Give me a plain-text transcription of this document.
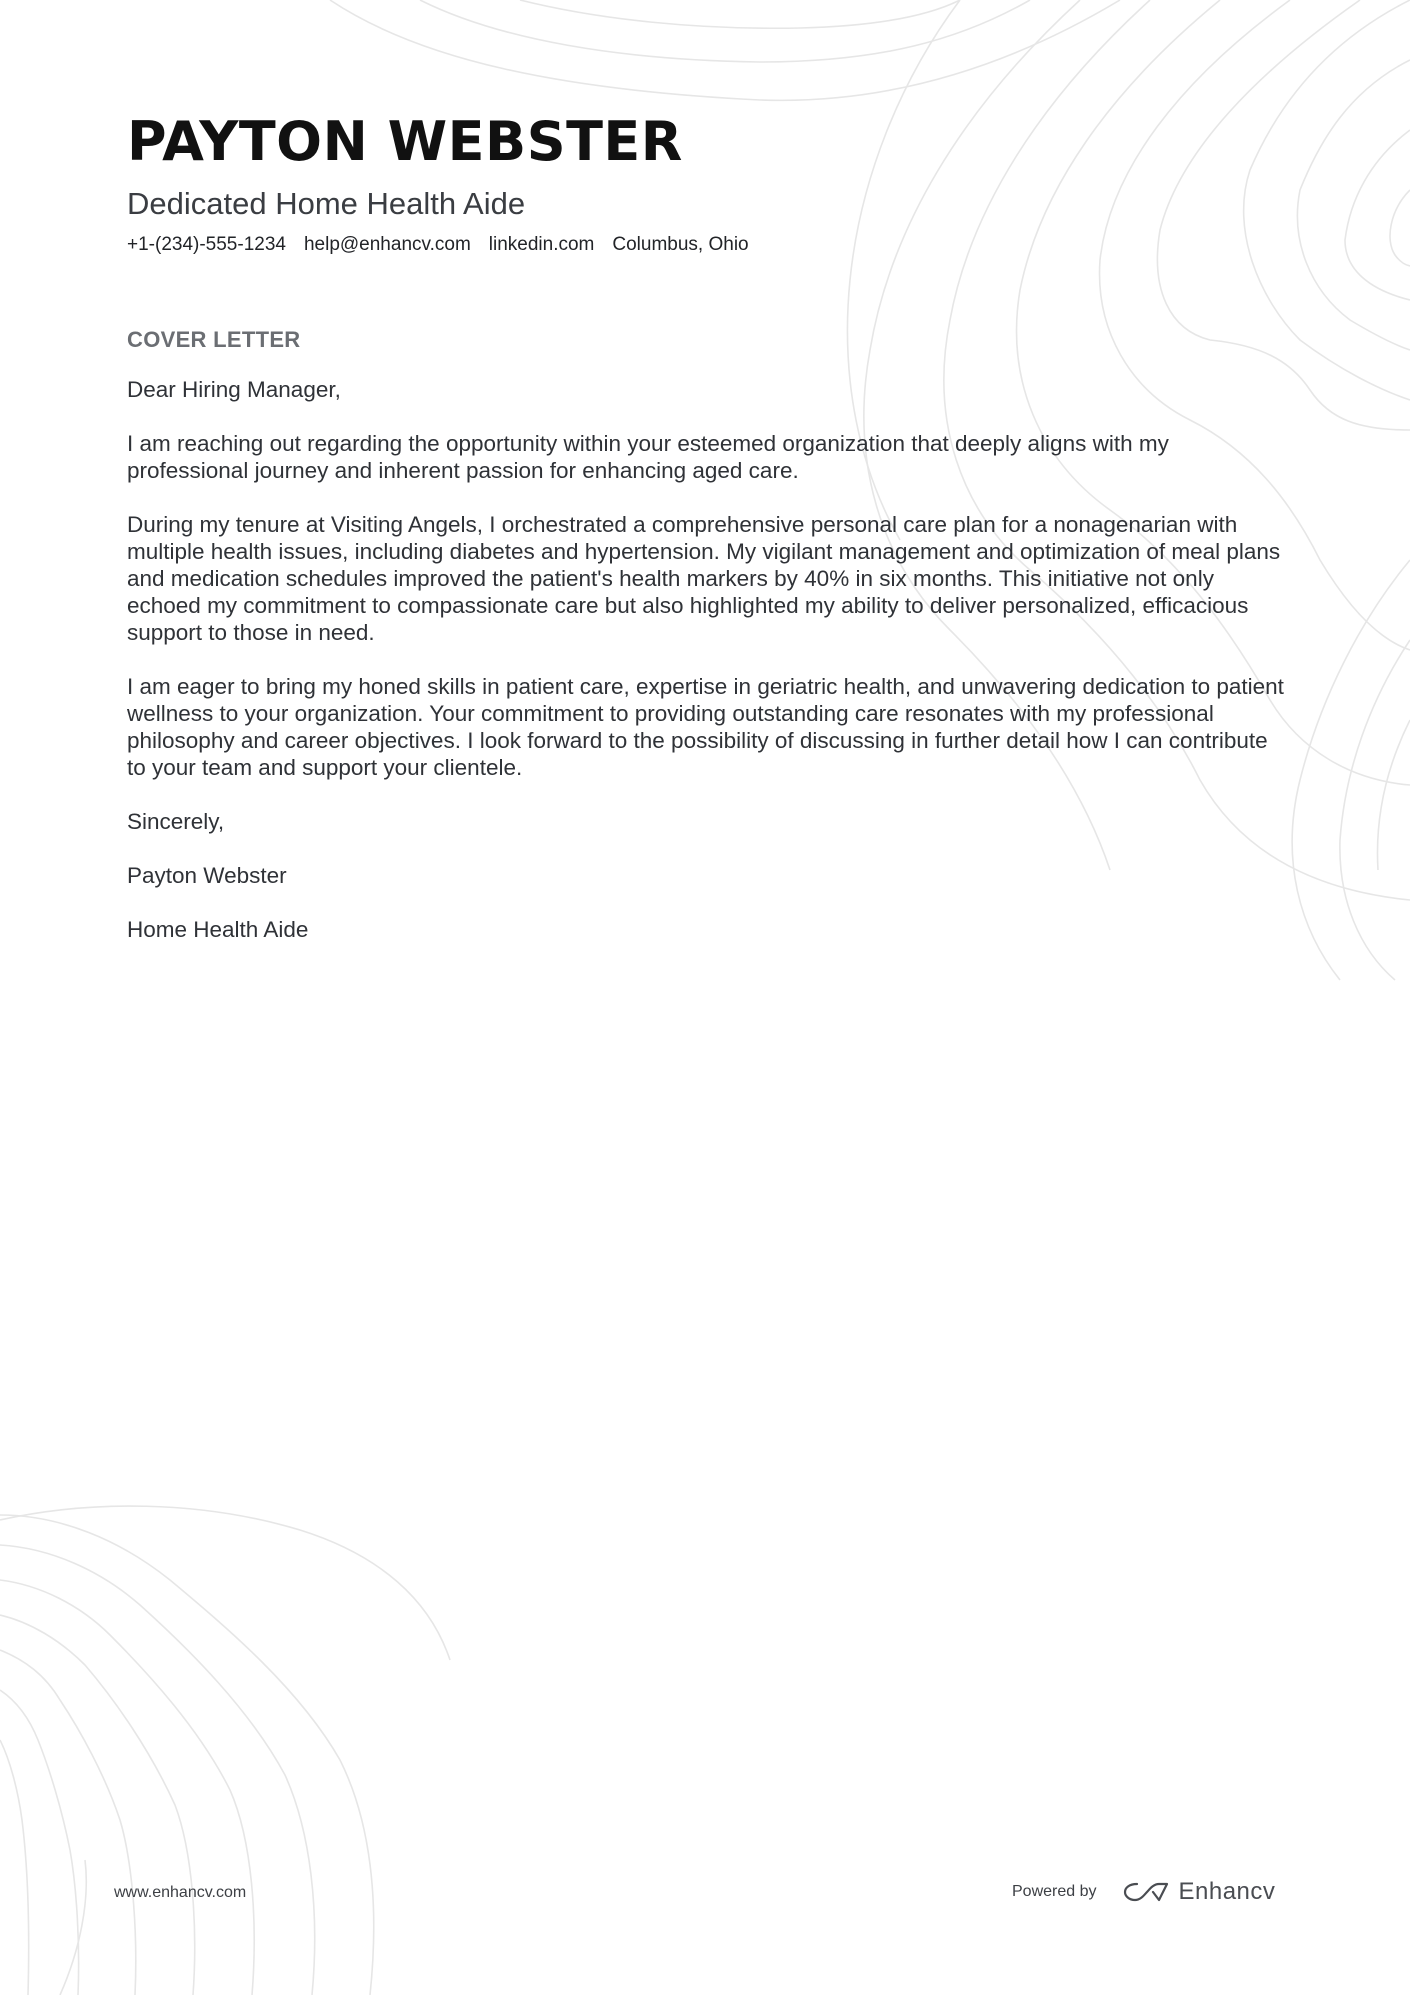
PAYTON WEBSTER
Dedicated Home Health Aide
+1-(234)-555-1234 help@enhancv.com linkedin.com Columbus, Ohio
COVER LETTER

Dear Hiring Manager,

I am reaching out regarding the opportunity within your esteemed organization that deeply aligns with my professional journey and inherent passion for enhancing aged care.

During my tenure at Visiting Angels, I orchestrated a comprehensive personal care plan for a nonagenarian with multiple health issues, including diabetes and hypertension. My vigilant management and optimization of meal plans and medication schedules improved the patient's health markers by 40% in six months. This initiative not only echoed my commitment to compassionate care but also highlighted my ability to deliver personalized, efficacious support to those in need.

I am eager to bring my honed skills in patient care, expertise in geriatric health, and unwavering dedication to patient wellness to your organization. Your commitment to providing outstanding care resonates with my professional philosophy and career objectives. I look forward to the possibility of discussing in further detail how I can contribute to your team and support your clientele.

Sincerely,

Payton Webster

Home Health Aide

www.enhancv.com	Powered by	Enhancv
